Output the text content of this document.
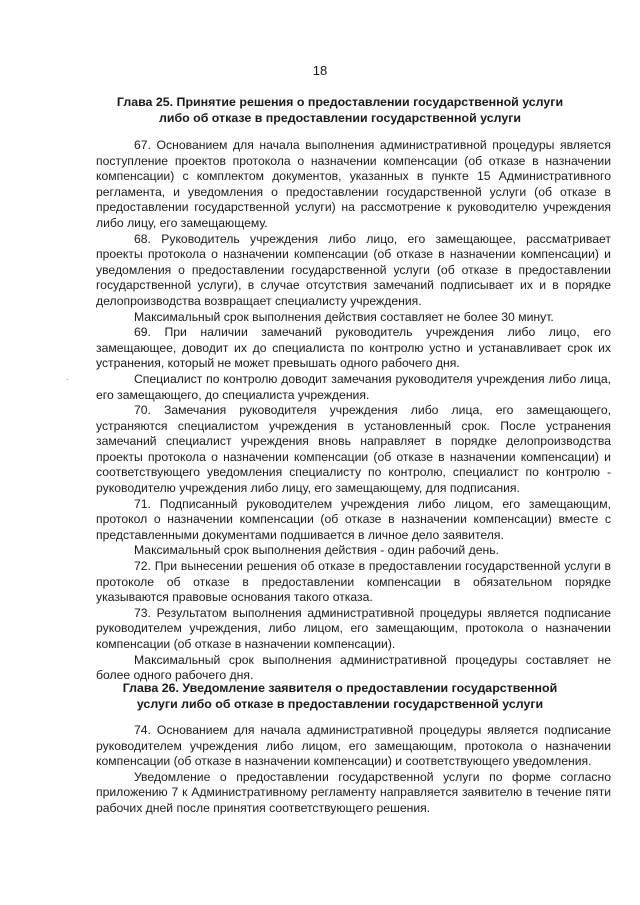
18
Глава 25. Принятие решения о предоставлении государственной услуги
либо об отказе в предоставлении государственной услуги

67. Основанием для начала выполнения административной процедуры является поступление проектов протокола о назначении компенсации (об отказе в назначении компенсации) с комплектом документов, указанных в пункте 15 Административного регламента, и уведомления о предоставлении государственной услуги (об отказе в предоставлении государственной услуги) на рассмотрение к руководителю учреждения либо лицу, его замещающему.

68. Руководитель учреждения либо лицо, его замещающее, рассматривает проекты протокола о назначении компенсации (об отказе в назначении компенсации) и уведомления о предоставлении государственной услуги (об отказе в предоставлении государственной услуги), в случае отсутствия замечаний подписывает их и в порядке делопроизводства возвращает специалисту учреждения.

Максимальный срок выполнения действия составляет не более 30 минут.

69. При наличии замечаний руководитель учреждения либо лицо, его замещающее, доводит их до специалиста по контролю устно и устанавливает срок их устранения, который не может превышать одного рабочего дня.

Специалист по контролю доводит замечания руководителя учреждения либо лица, его замещающего, до специалиста учреждения.

70. Замечания руководителя учреждения либо лица, его замещающего, устраняются специалистом учреждения в установленный срок. После устранения замечаний специалист учреждения вновь направляет в порядке делопроизводства проекты протокола о назначении компенсации (об отказе в назначении компенсации) и соответствующего уведомления специалисту по контролю, специалист по контролю - руководителю учреждения либо лицу, его замещающему, для подписания.

71. Подписанный руководителем учреждения либо лицом, его замещающим, протокол о назначении компенсации (об отказе в назначении компенсации) вместе с представленными документами подшивается в личное дело заявителя.

Максимальный срок выполнения действия - один рабочий день.

72. При вынесении решения об отказе в предоставлении государственной услуги в протоколе об отказе в предоставлении компенсации в обязательном порядке указываются правовые основания такого отказа.

73. Результатом выполнения административной процедуры является подписание руководителем учреждения, либо лицом, его замещающим, протокола о назначении компенсации (об отказе в назначении компенсации).

Максимальный срок выполнения административной процедуры составляет не более одного рабочего дня.

Глава 26. Уведомление заявителя о предоставлении государственной
услуги либо об отказе в предоставлении государственной услуги

74. Основанием для начала административной процедуры является подписание руководителем учреждения либо лицом, его замещающим, протокола о назначении компенсации (об отказе в назначении компенсации) и соответствующего уведомления.

Уведомление о предоставлении государственной услуги по форме согласно приложению 7 к Административному регламенту направляется заявителю в течение пяти рабочих дней после принятия соответствующего решения.

.
